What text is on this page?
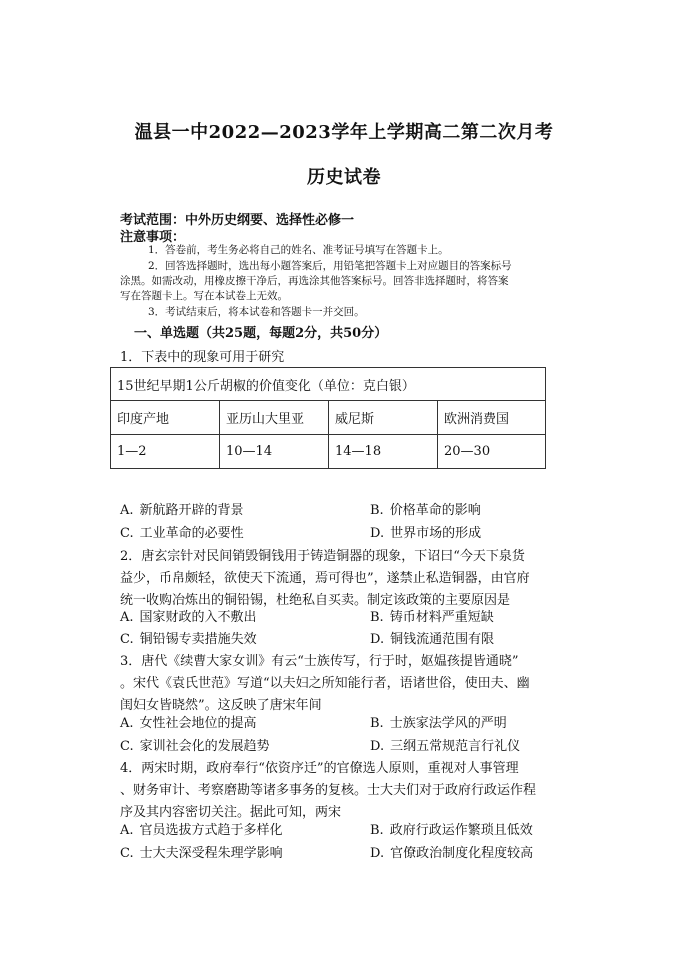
温县一中2022—2023学年上学期高二第二次月考
历史试卷
考试范围：中外历史纲要、选择性必修一
注意事项：
1．答卷前，考生务必将自己的姓名、准考证号填写在答题卡上。
2．回答选择题时，选出每小题答案后，用铅笔把答题卡上对应题目的答案标号
涂黑。如需改动，用橡皮擦干净后，再选涂其他答案标号。回答非选择题时，将答案
写在答题卡上。写在本试卷上无效。
3．考试结束后，将本试卷和答题卡一并交回。
一、单选题（共25题，每题2分，共50分）
1．下表中的现象可用于研究
15世纪早期1公斤胡椒的价值变化（单位：克白银）			
印度产地	亚历山大里亚	威尼斯	欧洲消费国
1—2	10—14	14—18	20—30
A. 新航路开辟的背景	B. 价格革命的影响
C. 工业革命的必要性	D. 世界市场的形成
2．唐玄宗针对民间销毁铜钱用于铸造铜器的现象，下诏曰“今天下泉货
益少，币帛颇轻，欲使天下流通，焉可得也”，遂禁止私造铜器，由官府
统一收购冶炼出的铜铅锡，杜绝私自买卖。制定该政策的主要原因是
A. 国家财政的入不敷出	B. 铸币材料严重短缺
C. 铜铅锡专卖措施失效	D. 铜钱流通范围有限
3．唐代《续曹大家女训》有云“士族传写，行于时，妪媪孩提皆通晓”
。宋代《袁氏世范》写道“以夫妇之所知能行者，语诸世俗，使田夫、幽
闺妇女皆晓然”。这反映了唐宋年间
A. 女性社会地位的提高	B. 士族家法学风的严明
C. 家训社会化的发展趋势	D. 三纲五常规范言行礼仪
4．两宋时期，政府奉行“依资序迁”的官僚选人原则，重视对人事管理
、财务审计、考察磨勘等诸多事务的复核。士大夫们对于政府行政运作程
序及其内容密切关注。据此可知，两宋
A. 官员选拔方式趋于多样化	B. 政府行政运作繁琐且低效
C. 士大夫深受程朱理学影响	D. 官僚政治制度化程度较高
